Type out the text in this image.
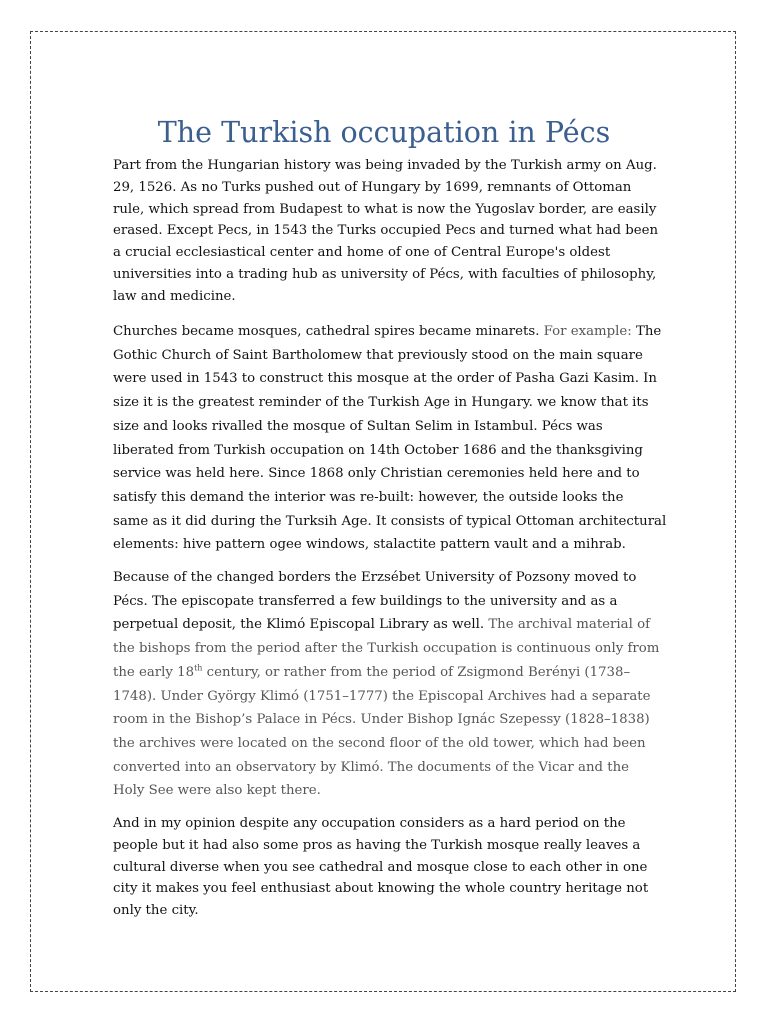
The Turkish occupation in Pécs
Part from the Hungarian history was being invaded by the Turkish army on Aug.
29, 1526. As no Turks pushed out of Hungary by 1699, remnants of Ottoman
rule, which spread from Budapest to what is now the Yugoslav border, are easily
erased. Except Pecs, in 1543 the Turks occupied Pecs and turned what had been
a crucial ecclesiastical center and home of one of Central Europe's oldest
universities into a trading hub as university of Pécs, with faculties of philosophy,
law and medicine.
Churches became mosques, cathedral spires became minarets. For example: The
Gothic Church of Saint Bartholomew that previously stood on the main square
were used in 1543 to construct this mosque at the order of Pasha Gazi Kasim. In
size it is the greatest reminder of the Turkish Age in Hungary. we know that its
size and looks rivalled the mosque of Sultan Selim in Istambul. Pécs was
liberated from Turkish occupation on 14th October 1686 and the thanksgiving
service was held here. Since 1868 only Christian ceremonies held here and to
satisfy this demand the interior was re-built: however, the outside looks the
same as it did during the Turksih Age. It consists of typical Ottoman architectural
elements: hive pattern ogee windows, stalactite pattern vault and a mihrab.
Because of the changed borders the Erzsébet University of Pozsony moved to
Pécs. The episcopate transferred a few buildings to the university and as a
perpetual deposit, the Klimó Episcopal Library as well. The archival material of
the bishops from the period after the Turkish occupation is continuous only from
the early 18th century, or rather from the period of Zsigmond Berényi (1738–
1748). Under György Klimó (1751–1777) the Episcopal Archives had a separate
room in the Bishop’s Palace in Pécs. Under Bishop Ignác Szepessy (1828–1838)
the archives were located on the second floor of the old tower, which had been
converted into an observatory by Klimó. The documents of the Vicar and the
Holy See were also kept there.
And in my opinion despite any occupation considers as a hard period on the
people but it had also some pros as having the Turkish mosque really leaves a
cultural diverse when you see cathedral and mosque close to each other in one
city it makes you feel enthusiast about knowing the whole country heritage not
only the city.
